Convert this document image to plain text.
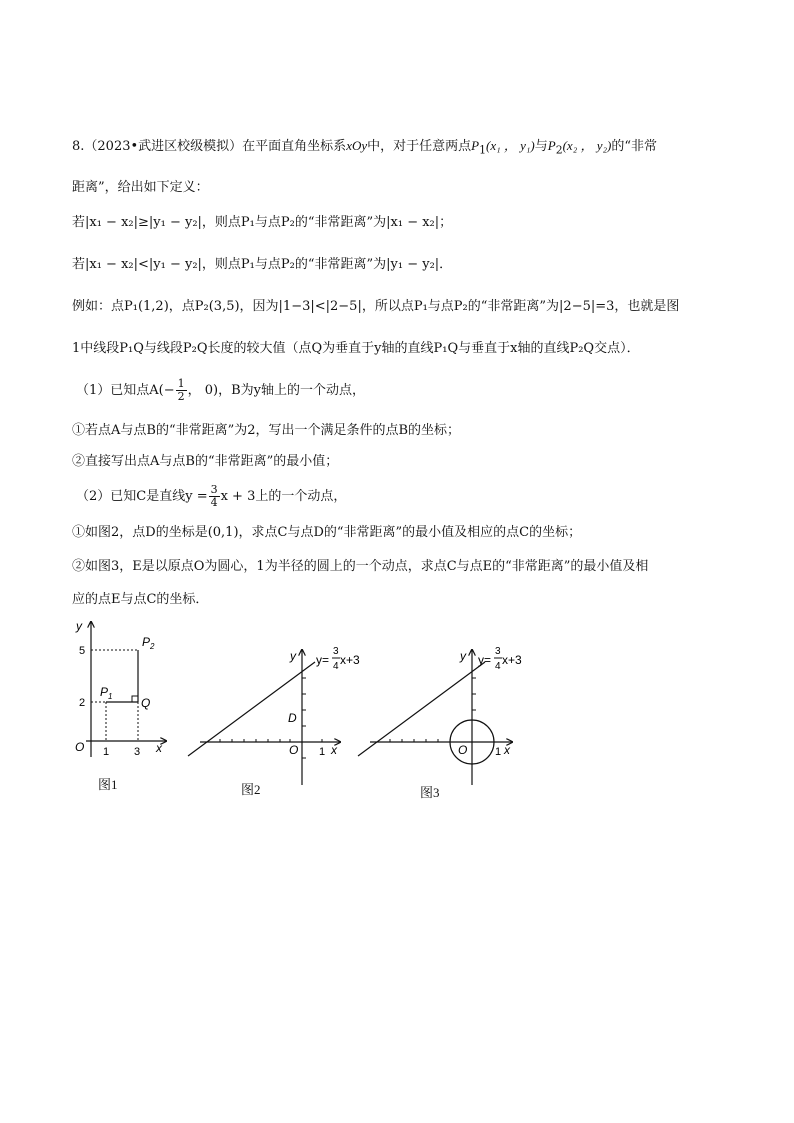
8.（2023•武进区校级模拟）在平面直角坐标系xOy中，对于任意两点$P_1(x_1$ ， y₁)与$P_2(x_2$ ， y₂)的“非常
距离”，给出如下定义：
若|x₁ − x₂|≥|y₁ − y₂|，则点P₁与点P₂的“非常距离”为|x₁ − x₂|；
若|x₁ − x₂|<|y₁ − y₂|，则点P₁与点P₂的“非常距离”为|y₁ − y₂|．
例如：点P₁(1,2)，点P₂(3,5)，因为|1−3|<|2−5|，所以点P₁与点P₂的“非常距离”为|2−5|=3，也就是图
1中线段P₁Q与线段P₂Q长度的较大值（点Q为垂直于y轴的直线P₁Q与垂直于x轴的直线P₂Q交点）．
（1）已知点$A(- \frac{1}{2}$ ， 0)，B为y轴上的一个动点，
①若点A与点B的“非常距离”为2，写出一个满足条件的点B的坐标；
②直接写出点A与点B的“非常距离”的最小值；
（2）已知C是直线$y = \frac{3}{4}$ x + 3上的一个动点，
①如图2，点D的坐标是(0,1)，求点C与点D的“非常距离”的最小值及相应的点C的坐标；
②如图3，E是以原点O为圆心，1为半径的圆上的一个动点，求点C与点E的“非常距离”的最小值及相
应的点E与点C的坐标．
y
x
O 1 3
2
5
$P_1$
$P_2$
Q
图1
y
x
O 1
D
y=
3
4 x+3
图2
y
x
O	1
y=
3
4 x+3
图3
